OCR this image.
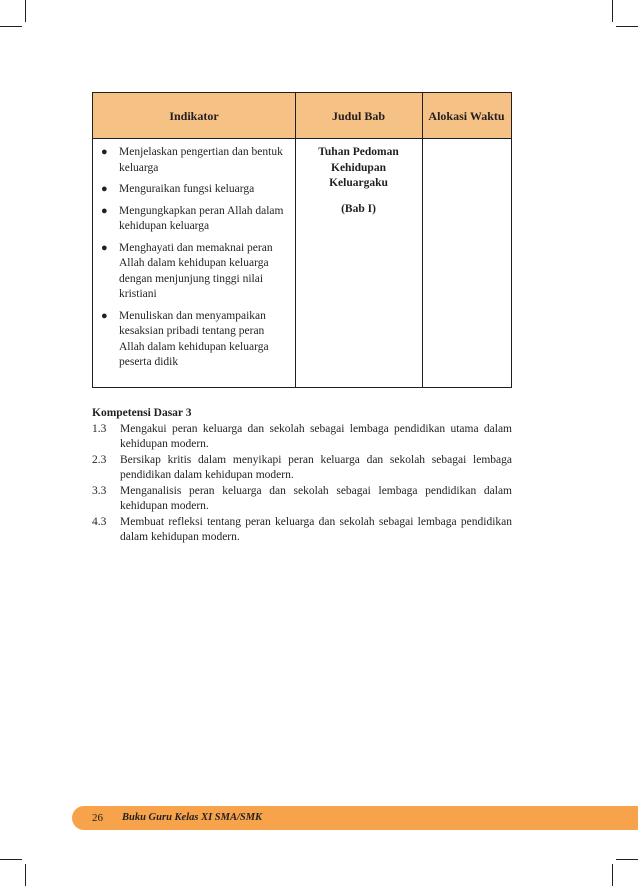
Indikator	Judul Bab	Alokasi Waktu
● Menjelaskan pengertian dan bentuk keluarga
● Menguraikan fungsi keluarga
● Mengungkapkan peran Allah dalam kehidupan keluarga
● Menghayati dan memaknai peran Allah dalam kehidupan keluarga dengan menjunjung tinggi nilai kristiani
● Menuliskan dan menyampaikan kesaksian pribadi tentang peran Allah dalam kehidupan keluarga peserta didik
Tuhan Pedoman
Kehidupan
Keluargaku
(Bab I)
Kompetensi Dasar 3
1.3 Mengakui peran keluarga dan sekolah sebagai lembaga pendidikan utama dalam kehidupan modern.
2.3 Bersikap kritis dalam menyikapi peran keluarga dan sekolah sebagai lembaga pendidikan dalam kehidupan modern.
3.3 Menganalisis peran keluarga dan sekolah sebagai lembaga pendidikan dalam kehidupan modern.
4.3 Membuat refleksi tentang peran keluarga dan sekolah sebagai lembaga pendidikan dalam kehidupan modern.
26 Buku Guru Kelas XI SMA/SMK
